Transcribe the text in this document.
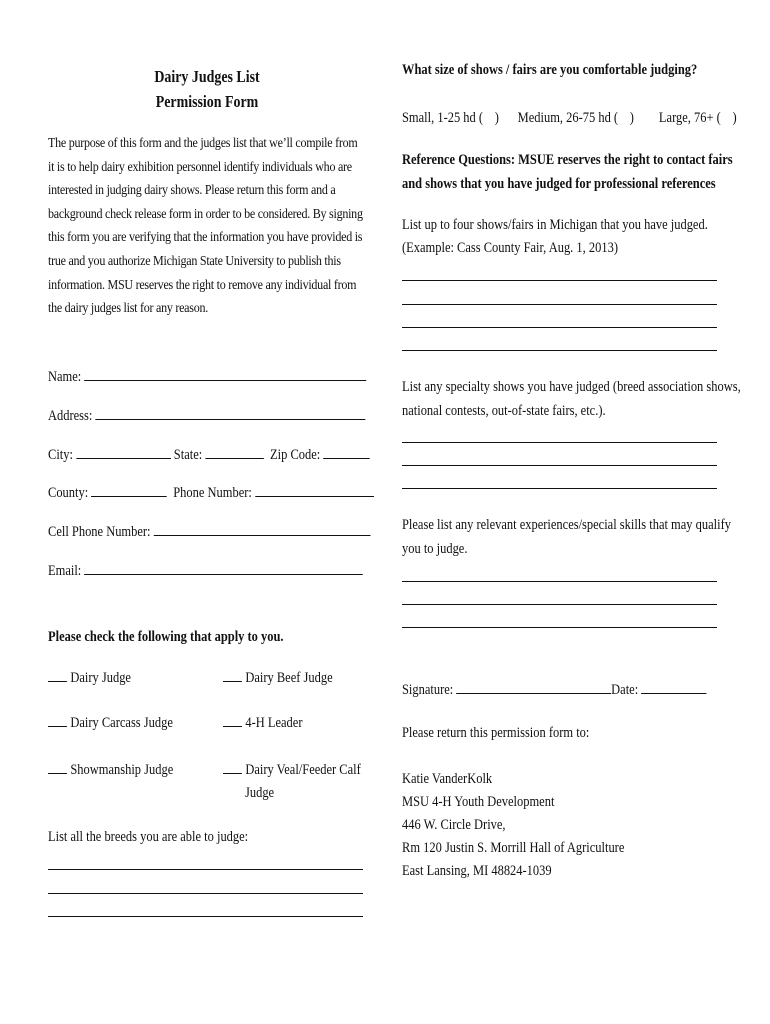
Dairy Judges List
Permission Form
The purpose of this form and the judges list that we’ll compile from it is to help dairy exhibition personnel identify individuals who are interested in judging dairy shows. Please return this form and a background check release form in order to be considered. By signing this form you are verifying that the information you have provided is true and you authorize Michigan State University to publish this information. MSU reserves the right to remove any individual from the dairy judges list for any reason.
Name:
Address:
City:	State:	Zip Code:
County:	Phone Number:
Cell Phone Number:
Email:
Please check the following that apply to you.
Dairy Judge	Dairy Beef Judge
Dairy Carcass Judge	4-H Leader
Showmanship Judge	Dairy Veal/Feeder Calf
Judge
List all the breeds you are able to judge:
What size of shows / fairs are you comfortable judging?
Small, 1-25 hd ( ) Medium, 26-75 hd ( ) Large, 76+ ( )
Reference Questions: MSUE reserves the right to contact fairs
and shows that you have judged for professional references
List up to four shows/fairs in Michigan that you have judged.
(Example: Cass County Fair, Aug. 1, 2013)
List any specialty shows you have judged (breed association shows,
national contests, out-of-state fairs, etc.).
Please list any relevant experiences/special skills that may qualify
you to judge.
Signature:	Date:
Please return this permission form to:
Katie VanderKolk
MSU 4-H Youth Development
446 W. Circle Drive,
Rm 120 Justin S. Morrill Hall of Agriculture
East Lansing, MI 48824-1039
